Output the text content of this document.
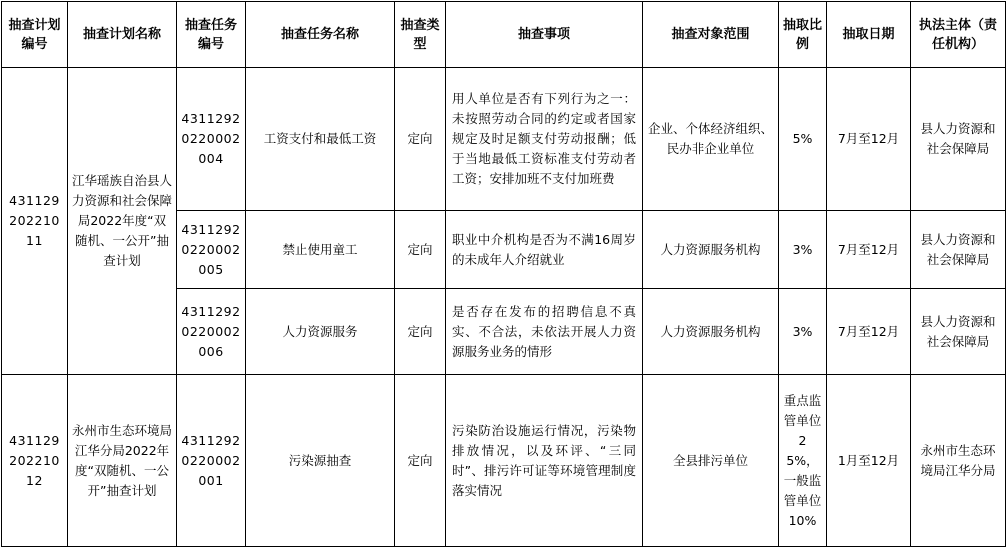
抽查计划编号	抽查计划名称	抽查任务编号	抽查任务名称	抽查类型	抽查事项	抽查对象范围	抽取比例	抽取日期	执法主体（责任机构）
431129202210 11	江华瑶族自治县人力资源和社会保障局2022年度“双随机、一公开”抽查计划	43112920220002004	工资支付和最低工资	定向	用人单位是否有下列行为之一：未按照劳动合同的约定或者国家规定及时足额支付劳动报酬；低于当地最低工资标准支付劳动者工资；安排加班不支付加班费	企业、个体经济组织、民办非企业单位	5%	7月至12月	县人力资源和社会保障局
		43112920220002005	禁止使用童工	定向	职业中介机构是否为不满16周岁的未成年人介绍就业	人力资源服务机构	3%	7月至12月	县人力资源和社会保障局
		43112920220002006	人力资源服务	定向	是否存在发布的招聘信息不真实、不合法，未依法开展人力资源服务业务的情形	人力资源服务机构	3%	7月至12月	县人力资源和社会保障局
431129202210 12	永州市生态环境局江华分局2022年度“双随机、一公开”抽查计划	43112920220002001	污染源抽查	定向	污染防治设施运行情况，污染物排放情况，以及环评、“三同时”、排污许可证等环境管理制度落实情况	全县排污单位	重点监管单位25%，一般监管单位10%	1月至12月	永州市生态环境局江华分局
